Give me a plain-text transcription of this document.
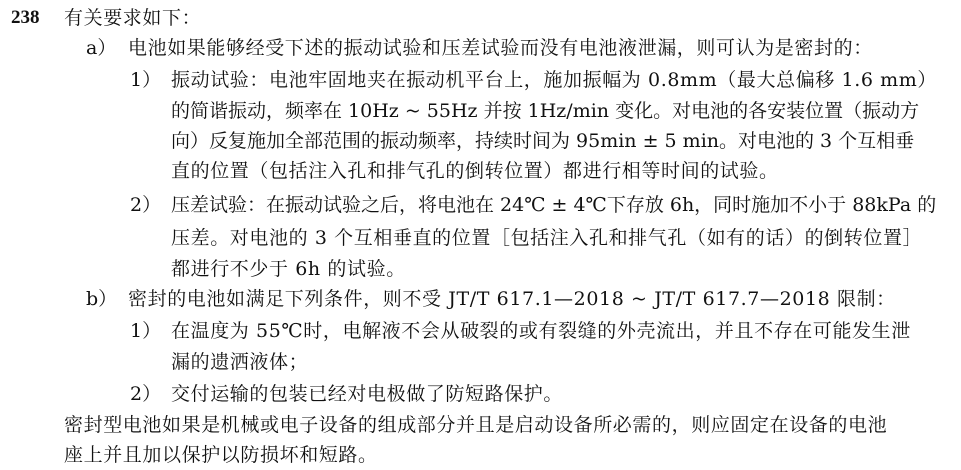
238 有关要求如下：
a） 电池如果能够经受下述的振动试验和压差试验而没有电池液泄漏，则可认为是密封的：
1） 振动试验：电池牢固地夹在振动机平台上，施加振幅为 0.8mm（最大总偏移 1.6 mm）
的简谐振动，频率在 10Hz ~ 55Hz 并按 1Hz/min 变化。对电池的各安装位置（振动方
向）反复施加全部范围的振动频率，持续时间为 95min ± 5 min。对电池的 3 个互相垂
直的位置（包括注入孔和排气孔的倒转位置）都进行相等时间的试验。
2） 压差试验：在振动试验之后，将电池在 24℃ ± 4℃下存放 6h，同时施加不小于 88kPa 的
压差。对电池的 3 个互相垂直的位置［包括注入孔和排气孔（如有的话）的倒转位置］
都进行不少于 6h 的试验。
b） 密封的电池如满足下列条件，则不受 JT/T 617.1—2018 ~ JT/T 617.7—2018 限制：
1） 在温度为 55℃时，电解液不会从破裂的或有裂缝的外壳流出，并且不存在可能发生泄
漏的遗洒液体；
2） 交付运输的包装已经对电极做了防短路保护。
密封型电池如果是机械或电子设备的组成部分并且是启动设备所必需的，则应固定在设备的电池
座上并且加以保护以防损坏和短路。
